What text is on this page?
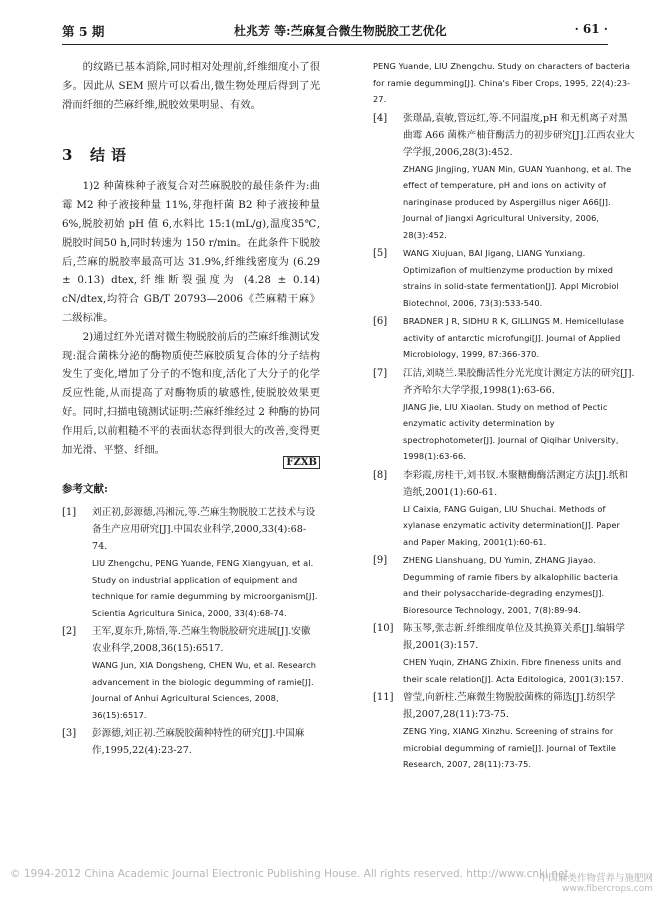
第 5 期	杜兆芳 等:苎麻复合微生物脱胶工艺优化	· 61 ·

的纹路已基本消除,同时相对处理前,纤维细度小了很多。因此从 SEM 照片可以看出,微生物处理后得到了光滑而纤细的苎麻纤维,脱胶效果明显、有效。

3	结语

1)2 种菌株种子液复合对苎麻脱胶的最佳条件为:曲霉 M2 种子液接种量 11%,芽孢杆菌 B2 种子液接种量 6%,脱胶初始 pH 值 6,水料比 15:1(mL/g),温度35℃,脱胶时间50 h,同时转速为 150 r/min。在此条件下脱胶后,苎麻的脱胶率最高可达 31.9%,纤维线密度为 (6.29 ± 0.13) dtex,纤维断裂强度为 (4.28 ± 0.14) cN/dtex,均符合 GB/T 20793—2006《苎麻精干麻》二级标准。

2)通过红外光谱对微生物脱胶前后的苎麻纤维测试发现:混合菌株分泌的酶物质使苎麻胶质复合体的分子结构发生了变化,增加了分子的不饱和度,活化了大分子的化学反应性能,从而提高了对酶物质的敏感性,使脱胶效果更好。同时,扫描电镜测试证明:苎麻纤维经过 2 种酶的协同作用后,以前粗糙不平的表面状态得到很大的改善,变得更加光滑、平整、纤细。

FZXB
参考文献:
[1]	刘正初,彭源德,冯湘沅,等.苎麻生物脱胶工艺技术与设备生产应用研究[J].中国农业科学,2000,33(4):68-74.

LIU Zhengchu, PENG Yuande, FENG Xiangyuan, et al. Study on industrial application of equipment and technique for ramie degumming by microorganism[J]. Scientia Agricultura Sinica, 2000, 33(4):68-74.

[2]	王军,夏东升,陈悟,等.苎麻生物脱胶研究进展[J].安徽农业科学,2008,36(15):6517.

WANG Jun, XIA Dongsheng, CHEN Wu, et al. Research advancement in the biologic degumming of ramie[J]. Journal of Anhui Agricultural Sciences, 2008, 36(15):6517.

[3]	彭源德,刘正初.苎麻脱胶菌种特性的研究[J].中国麻作,1995,22(4):23-27.

PENG Yuande, LIU Zhengchu. Study on characters of bacteria for ramie degumming[J]. China's Fiber Crops, 1995, 22(4):23-27.

[4]	张璟晶,袁敏,管远红,等.不同温度,pH 和无机离子对黑曲霉 A66 菌株产柚苷酶活力的初步研究[J].江西农业大学学报,2006,28(3):452.

ZHANG Jingjing, YUAN Min, GUAN Yuanhong, et al. The effect of temperature, pH and ions on activity of naringinase produced by Aspergillus niger A66[J]. Journal of Jiangxi Agricultural University, 2006, 28(3):452.

[5]	WANG Xiujuan, BAI Jigang, LIANG Yunxiang. Optimizafion of multienzyme production by mixed strains in solid-state fermentation[J]. Appl Microbiol Biotechnol, 2006, 73(3):533-540.

[6]	BRADNER J R, SIDHU R K, GILLINGS M. Hemicellulase activity of antarctic microfungi[J]. Journal of Applied Microbiology, 1999, 87:366-370.

[7]	江洁,刘晓兰.果胶酶活性分光光度计测定方法的研究[J].齐齐哈尔大学学报,1998(1):63-66.

JIANG Jie, LIU Xiaolan. Study on method of Pectic enzymatic activity determination by spectrophotometer[J]. Journal of Qiqihar University, 1998(1):63-66.

[8]	李彩霞,房桂干,刘书钗.木聚糖酶酶活测定方法[J].纸和造纸,2001(1):60-61.

LI Caixia, FANG Guigan, LIU Shuchai. Methods of xylanase enzymatic activity determination[J]. Paper and Paper Making, 2001(1):60-61.

[9]	ZHENG Lianshuang, DU Yumin, ZHANG Jiayao. Degumming of ramie fibers by alkalophilic bacteria and their polysaccharide-degrading enzymes[J]. Bioresource Technology, 2001, 7(8):89-94.

[10] 陈玉琴,张志新.纤维细度单位及其换算关系[J].编辑学报,2001(3):157.

CHEN Yuqin, ZHANG Zhixin. Fibre fineness units and their scale relation[J]. Acta Editologica, 2001(3):157.

[11] 曾莹,向新柱.苎麻微生物脱胶菌株的筛选[J].纺织学报,2007,28(11):73-75.

ZENG Ying, XIANG Xinzhu. Screening of strains for microbial degumming of ramie[J]. Journal of Textile Research, 2007, 28(11):73-75.

© 1994-2012 China Academic Journal Electronic Publishing House. All rights reserved. http://www.cnki.net
中国麻类作物营养与施肥网
www.fibercrops.com
